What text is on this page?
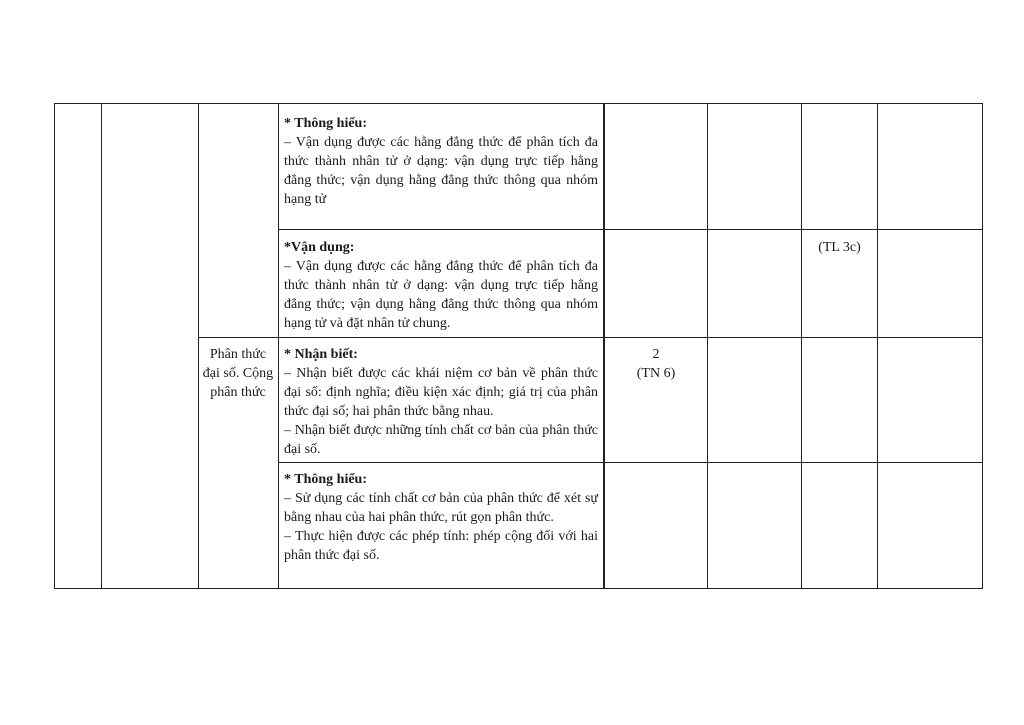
* Thông hiểu:

– Vận dụng được các hằng đẳng thức để phân tích đa thức thành nhân tử ở dạng: vận dụng trực tiếp hằng đẳng thức; vận dụng hằng đẳng thức thông qua nhóm hạng tử

*Vận dụng:

– Vận dụng được các hằng đẳng thức để phân tích đa thức thành nhân tử ở dạng: vận dụng trực tiếp hằng đẳng thức; vận dụng hằng đẳng thức thông qua nhóm hạng tử và đặt nhân tử chung.

(TL 3c)
Phân thức đại số. Cộng phân thức
* Nhận biết:

– Nhận biết được các khái niệm cơ bản về phân thức đại số: định nghĩa; điều kiện xác định; giá trị của phân thức đại số; hai phân thức bằng nhau.

– Nhận biết được những tính chất cơ bản của phân thức đại số.

2
(TN 6)
* Thông hiểu:

– Sử dụng các tính chất cơ bản của phân thức để xét sự bằng nhau của hai phân thức, rút gọn phân thức.

– Thực hiện được các phép tính: phép cộng đối với hai phân thức đại số.
